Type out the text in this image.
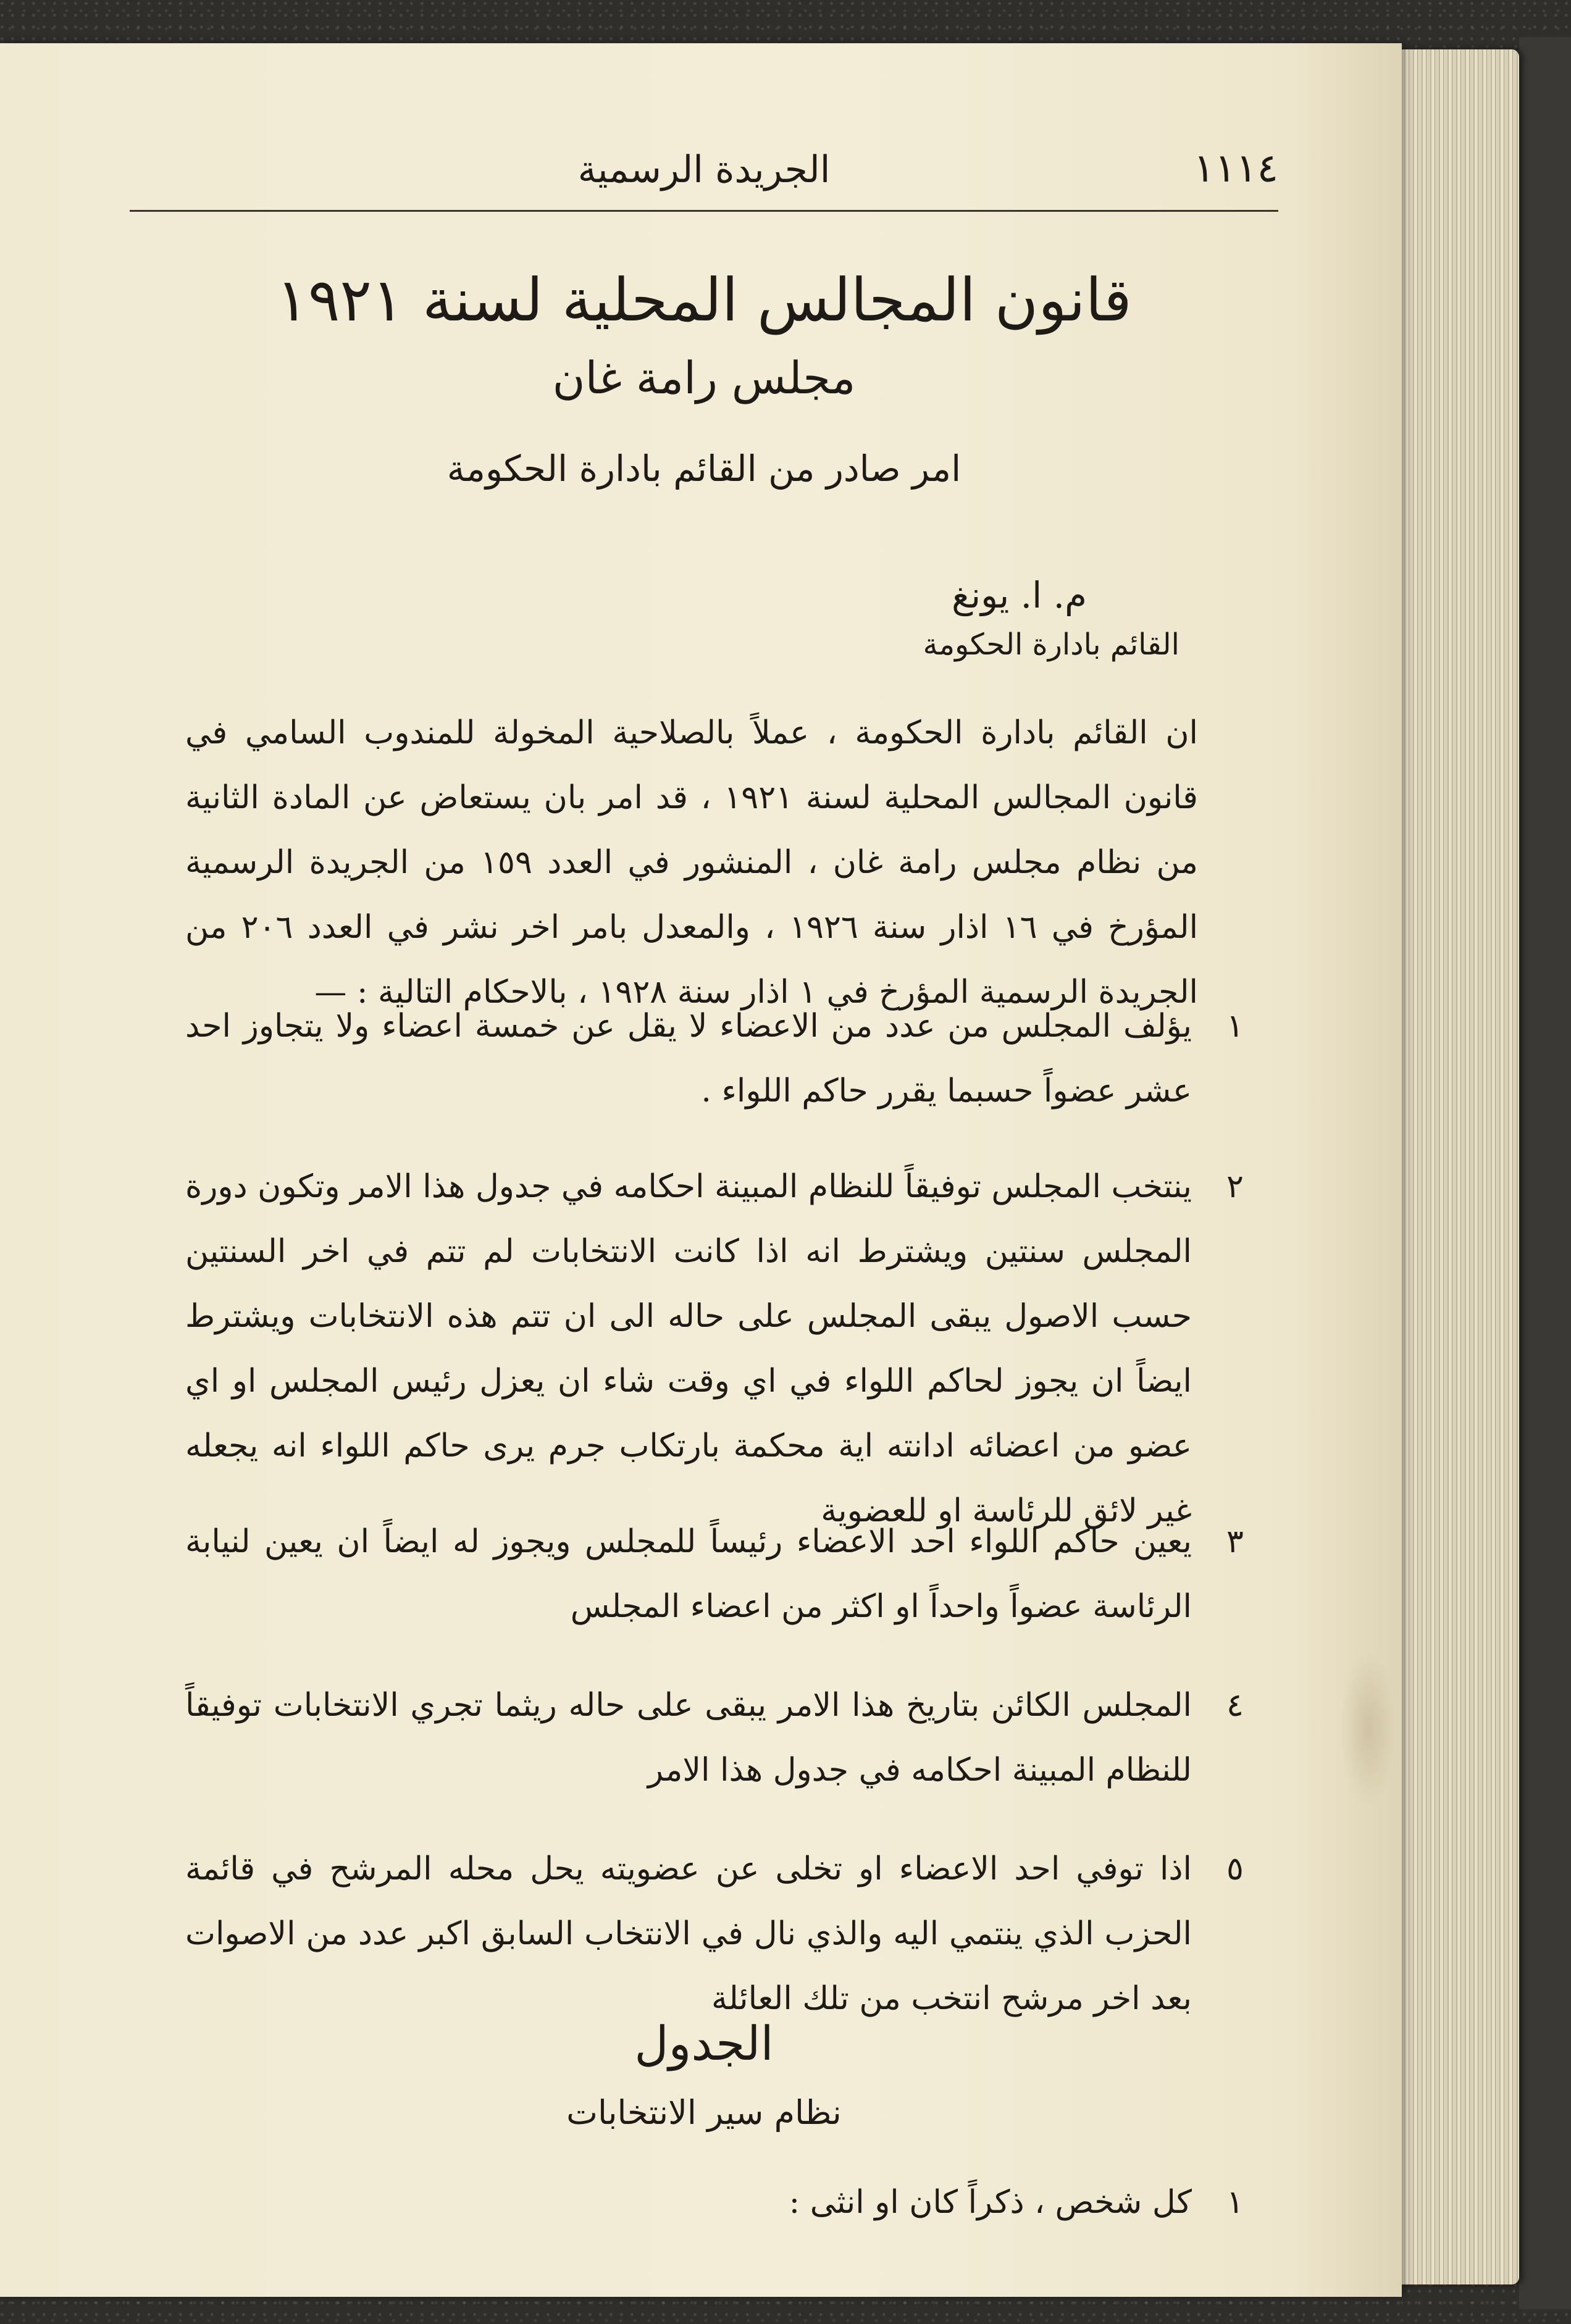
الجريدة الرسمية	١١١٤
قانون المجالس المحلية لسنة ١٩٢١
مجلس رامة غان
امر صادر من القائم بادارة الحكومة
م. ا. يونغ
القائم بادارة الحكومة
ان القائم بادارة الحكومة ، عملاً بالصلاحية المخولة للمندوب السامي في قانون المجالس المحلية لسنة ١٩٢١ ، قد امر بان يستعاض عن المادة الثانية من نظام مجلس رامة غان ، المنشور في العدد ١٥٩ من الجريدة الرسمية المؤرخ في ١٦ اذار سنة ١٩٢٦ ، والمعدل بامر اخر نشر في العدد ٢٠٦ من الجريدة الرسمية المؤرخ في ١ اذار سنة ١٩٢٨ ، بالاحكام التالية : —
١
يؤلف المجلس من عدد من الاعضاء لا يقل عن خمسة اعضاء ولا يتجاوز احد عشر عضواً حسبما يقرر حاكم اللواء .
٢
ينتخب المجلس توفيقاً للنظام المبينة احكامه في جدول هذا الامر وتكون دورة المجلس سنتين ويشترط انه اذا كانت الانتخابات لم تتم في اخر السنتين حسب الاصول يبقى المجلس على حاله الى ان تتم هذه الانتخابات ويشترط ايضاً ان يجوز لحاكم اللواء في اي وقت شاء ان يعزل رئيس المجلس او اي عضو من اعضائه ادانته اية محكمة بارتكاب جرم يرى حاكم اللواء انه يجعله غير لائق للرئاسة او للعضوية
٣
يعين حاكم اللواء احد الاعضاء رئيساً للمجلس ويجوز له ايضاً ان يعين لنيابة الرئاسة عضواً واحداً او اكثر من اعضاء المجلس
٤
المجلس الكائن بتاريخ هذا الامر يبقى على حاله ريثما تجري الانتخابات توفيقاً للنظام المبينة احكامه في جدول هذا الامر
٥
اذا توفي احد الاعضاء او تخلى عن عضويته يحل محله المرشح في قائمة الحزب الذي ينتمي اليه والذي نال في الانتخاب السابق اكبر عدد من الاصوات بعد اخر مرشح انتخب من تلك العائلة
الجدول
نظام سير الانتخابات
١
كل شخص ، ذكراً كان او انثى :
